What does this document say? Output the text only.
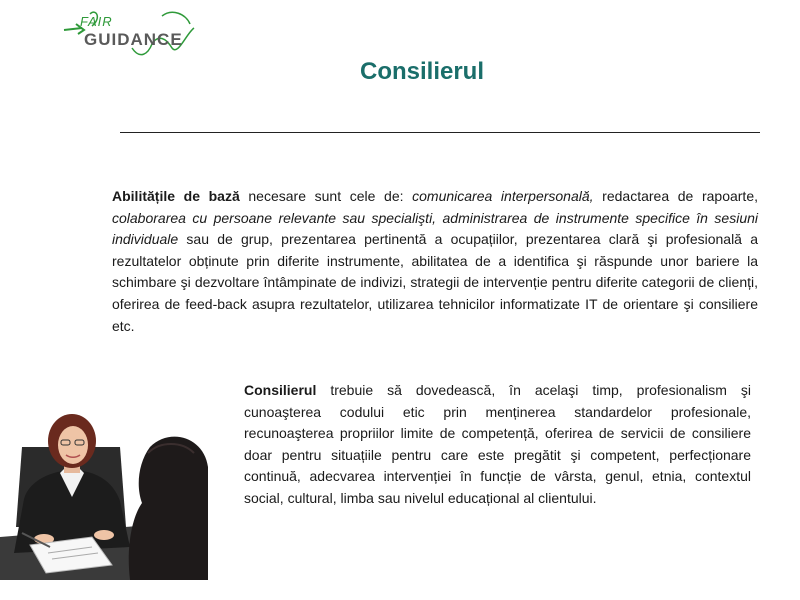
FAIR
GUIDANCE
Consilierul

Abilitățile de bază necesare sunt cele de: comunicarea interpersonală, redactarea de rapoarte, colaborarea cu persoane relevante sau specialişti, administrarea de instrumente specifice în sesiuni individuale sau de grup, prezentarea pertinentă a ocupațiilor, prezentarea clară şi profesională a rezultatelor obținute prin diferite instrumente, abilitatea de a identifica şi răspunde unor bariere la schimbare şi dezvoltare întâmpinate de indivizi, strategii de intervenție pentru diferite categorii de clienți, oferirea de feed-back asupra rezultatelor, utilizarea tehnicilor informatizate IT de orientare şi consiliere etc.

Consilierul trebuie să dovedească, în acelaşi timp, profesionalism şi cunoaşterea codului etic prin menținerea standardelor profesionale, recunoaşterea propriilor limite de competență, oferirea de servicii de consiliere doar pentru situațiile pentru care este pregătit şi competent, perfecționare continuă, adecvarea intervenției în funcție de vârsta, genul, etnia, contextul social, cultural, limba sau nivelul educațional al clientului.
